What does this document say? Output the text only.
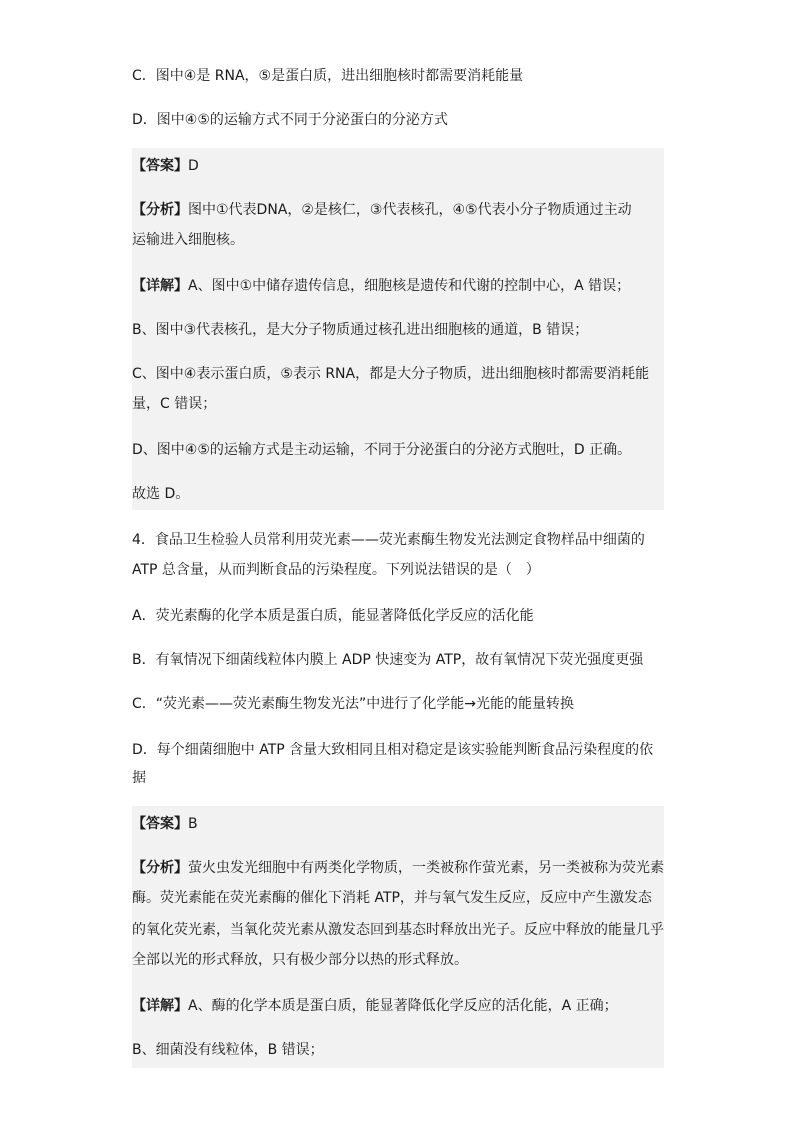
C．图中④是 RNA，⑤是蛋白质，进出细胞核时都需要消耗能量
D．图中④⑤的运输方式不同于分泌蛋白的分泌方式
【答案】D
【分析】图中①代表DNA，②是核仁，③代表核孔，④⑤代表小分子物质通过主动
运输进入细胞核。
【详解】A、图中①中储存遗传信息，细胞核是遗传和代谢的控制中心，A 错误；
B、图中③代表核孔，是大分子物质通过核孔进出细胞核的通道，B 错误；
C、图中④表示蛋白质，⑤表示 RNA，都是大分子物质，进出细胞核时都需要消耗能
量，C 错误；
D、图中④⑤的运输方式是主动运输，不同于分泌蛋白的分泌方式胞吐，D 正确。
故选 D。
4．食品卫生检验人员常利用荧光素——荧光素酶生物发光法测定食物样品中细菌的
ATP 总含量，从而判断食品的污染程度。下列说法错误的是（　）
A．荧光素酶的化学本质是蛋白质，能显著降低化学反应的活化能
B．有氧情况下细菌线粒体内膜上 ADP 快速变为 ATP，故有氧情况下荧光强度更强
C．“荧光素——荧光素酶生物发光法”中进行了化学能→光能的能量转换
D．每个细菌细胞中 ATP 含量大致相同且相对稳定是该实验能判断食品污染程度的依
据
【答案】B
【分析】萤火虫发光细胞中有两类化学物质，一类被称作萤光素，另一类被称为荧光素
酶。荧光素能在荧光素酶的催化下消耗 ATP，并与氧气发生反应，反应中产生激发态
的氧化荧光素，当氧化荧光素从激发态回到基态时释放出光子。反应中释放的能量几乎
全部以光的形式释放，只有极少部分以热的形式释放。
【详解】A、酶的化学本质是蛋白质，能显著降低化学反应的活化能，A 正确；
B、细菌没有线粒体，B 错误；
